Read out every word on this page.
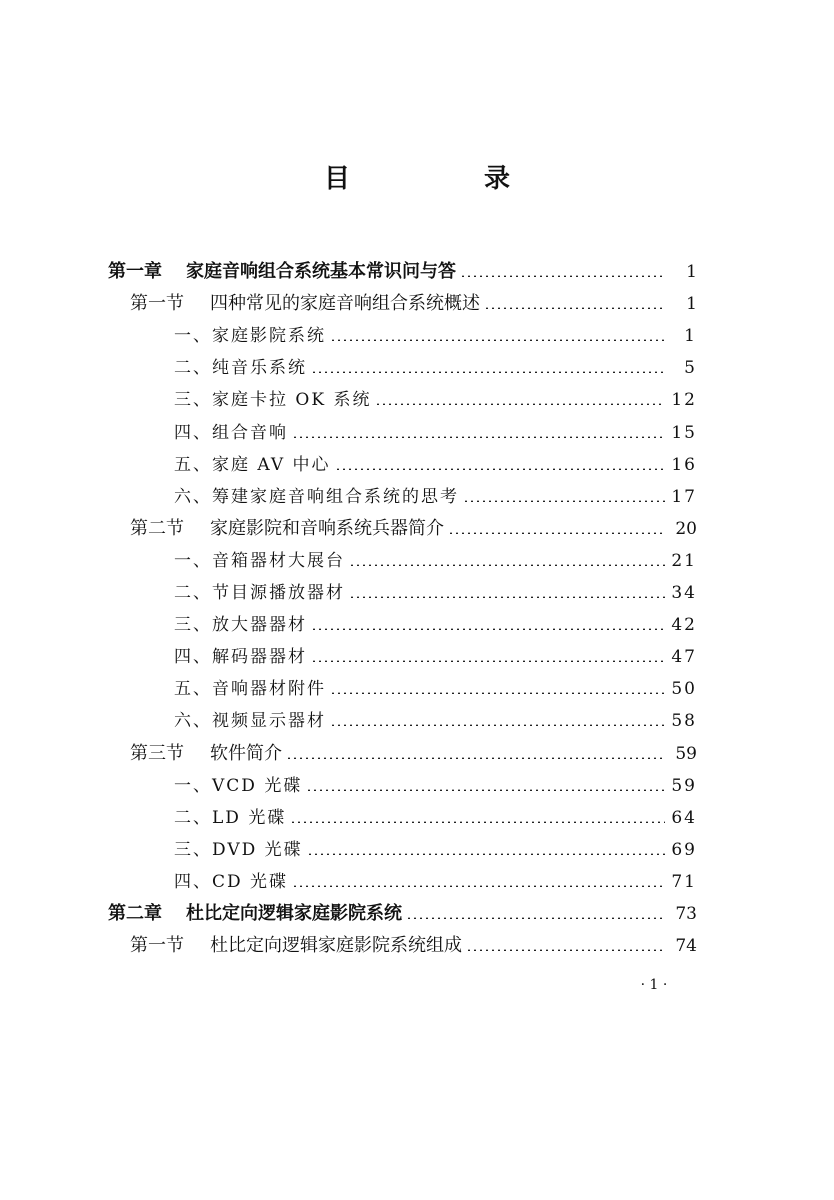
目　录
第一章 家庭音响组合系统基本常识问与答	1
第一节 四种常见的家庭音响组合系统概述	1
一、家庭影院系统	1
二、纯音乐系统	5
三、家庭卡拉 OK 系统	12
四、组合音响	15
五、家庭 AV 中心	16
六、筹建家庭音响组合系统的思考	17
第二节 家庭影院和音响系统兵器简介	20
一、音箱器材大展台	21
二、节目源播放器材	34
三、放大器器材	42
四、解码器器材	47
五、音响器材附件	50
六、视频显示器材	58
第三节 软件简介	59
一、VCD 光碟	59
二、LD 光碟	64
三、DVD 光碟	69
四、CD 光碟	71
第二章 杜比定向逻辑家庭影院系统	73
第一节 杜比定向逻辑家庭影院系统组成	74
· 1 ·
